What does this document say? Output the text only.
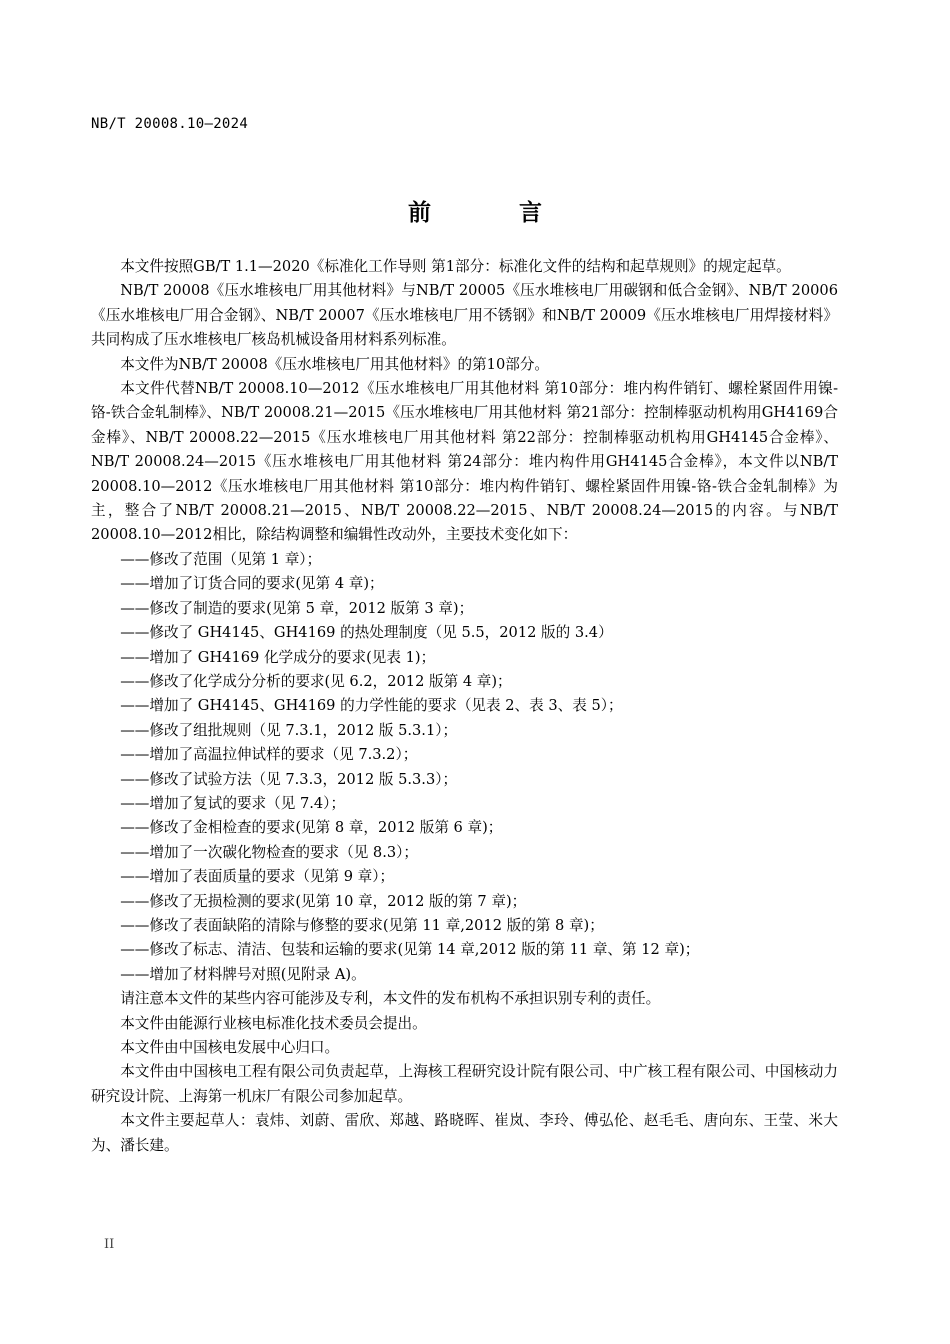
NB/T 20008.10—2024
前 言

本文件按照GB/T 1.1—2020《标准化工作导则 第1部分：标准化文件的结构和起草规则》的规定起草。

NB/T 20008《压水堆核电厂用其他材料》与NB/T 20005《压水堆核电厂用碳钢和低合金钢》、NB/T 20006《压水堆核电厂用合金钢》、NB/T 20007《压水堆核电厂用不锈钢》和NB/T 20009《压水堆核电厂用焊接材料》共同构成了压水堆核电厂核岛机械设备用材料系列标准。

本文件为NB/T 20008《压水堆核电厂用其他材料》的第10部分。

本文件代替NB/T 20008.10—2012《压水堆核电厂用其他材料 第10部分：堆内构件销钉、螺栓紧固件用镍-铬-铁合金轧制棒》、NB/T 20008.21—2015《压水堆核电厂用其他材料 第21部分：控制棒驱动机构用GH4169合金棒》、NB/T 20008.22—2015《压水堆核电厂用其他材料 第22部分：控制棒驱动机构用GH4145合金棒》、NB/T 20008.24—2015《压水堆核电厂用其他材料 第24部分：堆内构件用GH4145合金棒》，本文件以NB/T 20008.10—2012《压水堆核电厂用其他材料 第10部分：堆内构件销钉、螺栓紧固件用镍-铬-铁合金轧制棒》为主，整合了NB/T 20008.21—2015、NB/T 20008.22—2015、NB/T 20008.24—2015的内容。与NB/T 20008.10—2012相比，除结构调整和编辑性改动外，主要技术变化如下：

——修改了范围（见第 1 章）；

——增加了订货合同的要求(见第 4 章)；

——修改了制造的要求(见第 5 章，2012 版第 3 章)；

——修改了 GH4145、GH4169 的热处理制度（见 5.5，2012 版的 3.4）

——增加了 GH4169 化学成分的要求(见表 1)；

——修改了化学成分分析的要求(见 6.2，2012 版第 4 章)；

——增加了 GH4145、GH4169 的力学性能的要求（见表 2、表 3、表 5）；

——修改了组批规则（见 7.3.1，2012 版 5.3.1）；

——增加了高温拉伸试样的要求（见 7.3.2）；

——修改了试验方法（见 7.3.3，2012 版 5.3.3）；

——增加了复试的要求（见 7.4）；

——修改了金相检查的要求(见第 8 章，2012 版第 6 章)；

——增加了一次碳化物检查的要求（见 8.3）；

——增加了表面质量的要求（见第 9 章）；

——修改了无损检测的要求(见第 10 章，2012 版的第 7 章)；

——修改了表面缺陷的清除与修整的要求(见第 11 章,2012 版的第 8 章)；

——修改了标志、清洁、包装和运输的要求(见第 14 章,2012 版的第 11 章、第 12 章)；

——增加了材料牌号对照(见附录 A)。

请注意本文件的某些内容可能涉及专利，本文件的发布机构不承担识别专利的责任。

本文件由能源行业核电标准化技术委员会提出。

本文件由中国核电发展中心归口。

本文件由中国核电工程有限公司负责起草，上海核工程研究设计院有限公司、中广核工程有限公司、中国核动力研究设计院、上海第一机床厂有限公司参加起草。

本文件主要起草人：袁炜、刘蔚、雷欣、郑越、路晓晖、崔岚、李玲、傅弘伦、赵毛毛、唐向东、王莹、米大为、潘长建。

II
